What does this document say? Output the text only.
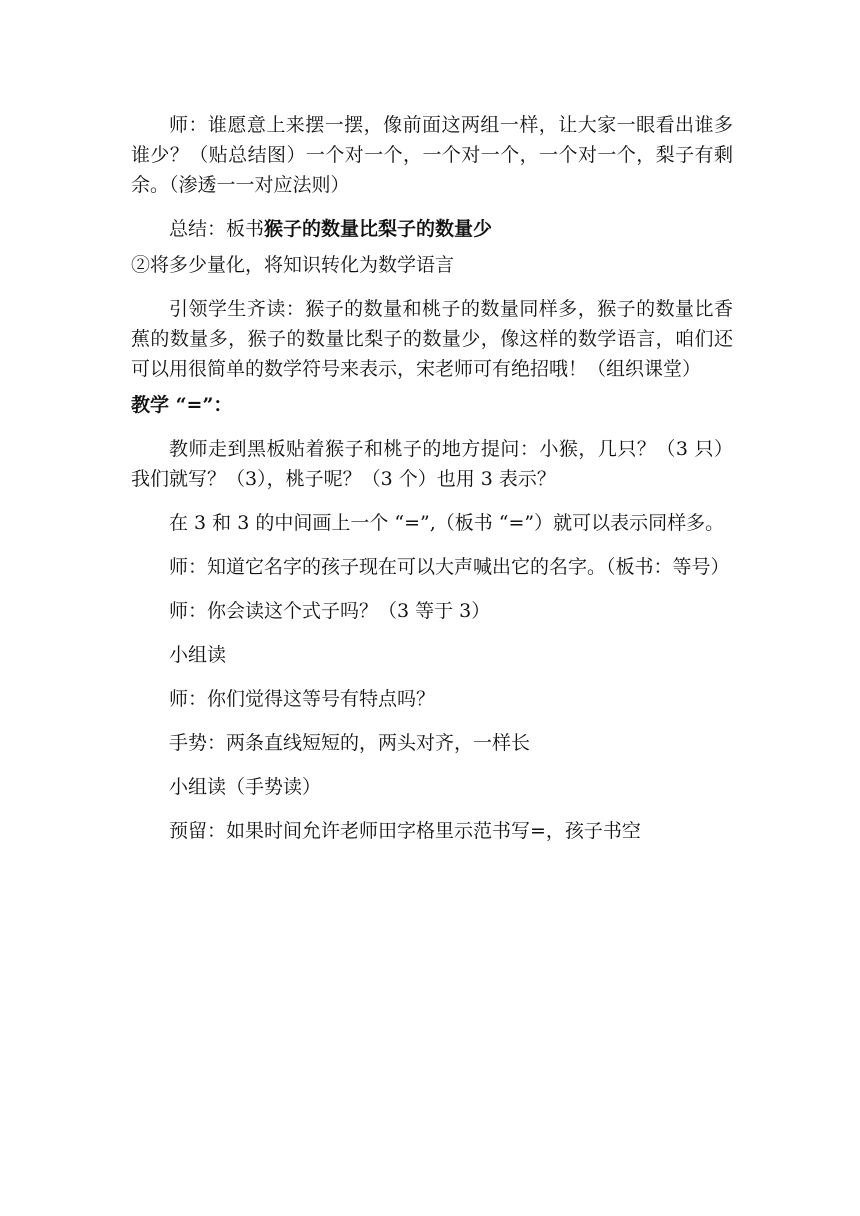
师：谁愿意上来摆一摆，像前面这两组一样，让大家一眼看出谁多谁少？（贴总结图）一个对一个，一个对一个，一个对一个，梨子有剩余。（渗透一一对应法则）

总结：板书猴子的数量比梨子的数量少

②将多少量化，将知识转化为数学语言

引领学生齐读：猴子的数量和桃子的数量同样多，猴子的数量比香蕉的数量多，猴子的数量比梨子的数量少，像这样的数学语言，咱们还可以用很简单的数学符号来表示，宋老师可有绝招哦！（组织课堂）

教学 “=”：

教师走到黑板贴着猴子和桃子的地方提问：小猴，几只？（3 只）我们就写？（3），桃子呢？（3 个）也用 3 表示？

在 3 和 3 的中间画上一个 “=”,（板书 “=”）就可以表示同样多。

师：知道它名字的孩子现在可以大声喊出它的名字。（板书：等号）

师：你会读这个式子吗？（3 等于 3）

小组读

师：你们觉得这等号有特点吗？

手势：两条直线短短的，两头对齐，一样长

小组读（手势读）

预留：如果时间允许老师田字格里示范书写=，孩子书空
